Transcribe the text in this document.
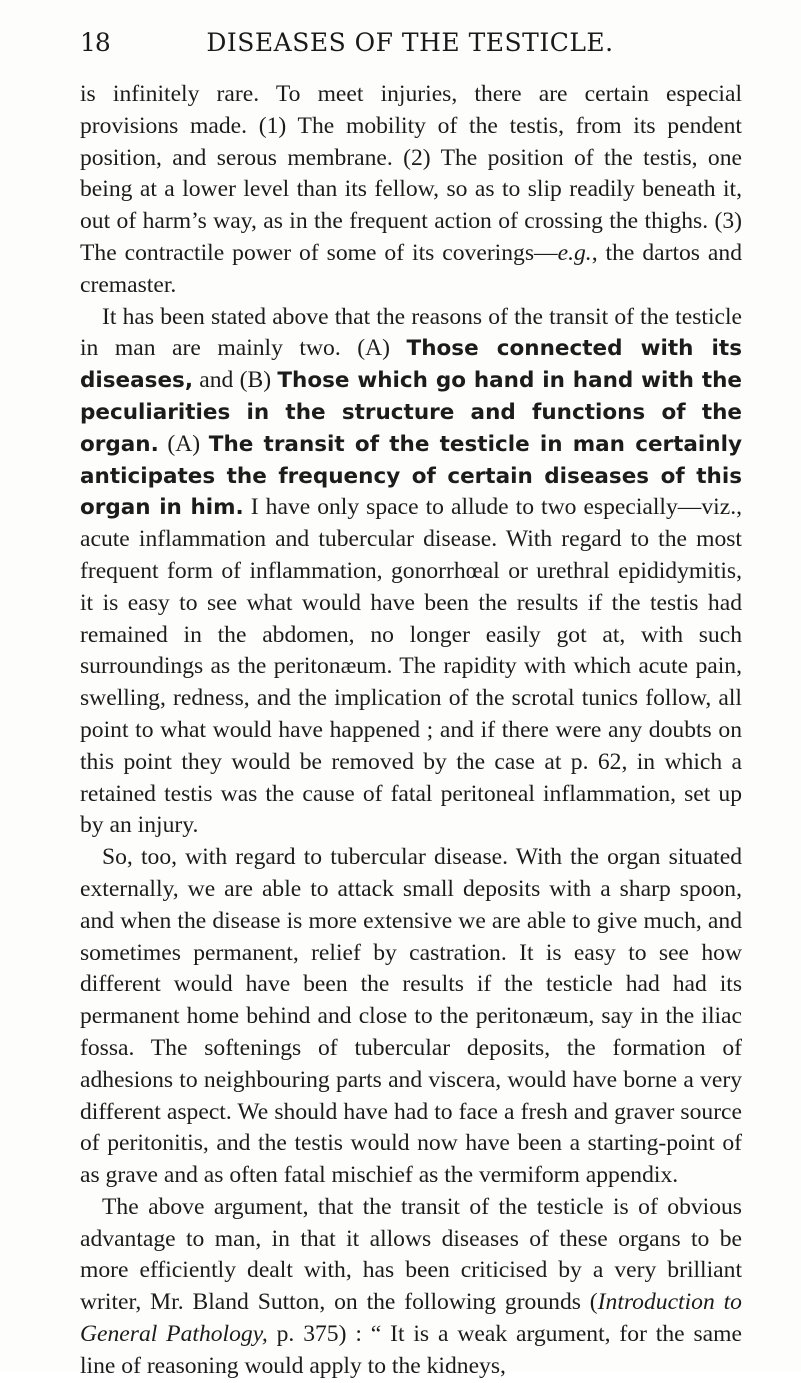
18	DISEASES OF THE TESTICLE.

is infinitely rare. To meet injuries, there are certain especial provisions made. (1) The mobility of the testis, from its pendent position, and serous membrane. (2) The position of the testis, one being at a lower level than its fellow, so as to slip readily beneath it, out of harm’s way, as in the frequent action of crossing the thighs. (3) The contractile power of some of its coverings—e.g., the dartos and cremaster.

It has been stated above that the reasons of the transit of the testicle in man are mainly two. (A) Those connected with its diseases, and (B) Those which go hand in hand with the peculiarities in the structure and functions of the organ. (A) The transit of the testicle in man certainly anticipates the frequency of certain diseases of this organ in him. I have only space to allude to two especially—viz., acute inflammation and tubercular disease. With regard to the most frequent form of inflammation, gonorrhœal or urethral epididymitis, it is easy to see what would have been the results if the testis had remained in the abdomen, no longer easily got at, with such surroundings as the peritonæum. The rapidity with which acute pain, swelling, redness, and the implication of the scrotal tunics follow, all point to what would have happened ; and if there were any doubts on this point they would be removed by the case at p. 62, in which a retained testis was the cause of fatal peritoneal inflammation, set up by an injury.

So, too, with regard to tubercular disease. With the organ situated externally, we are able to attack small deposits with a sharp spoon, and when the disease is more extensive we are able to give much, and sometimes permanent, relief by castration. It is easy to see how different would have been the results if the testicle had had its permanent home behind and close to the peritonæum, say in the iliac fossa. The softenings of tubercular deposits, the formation of adhesions to neighbouring parts and viscera, would have borne a very different aspect. We should have had to face a fresh and graver source of peritonitis, and the testis would now have been a starting-point of as grave and as often fatal mischief as the vermiform appendix.

The above argument, that the transit of the testicle is of obvious advantage to man, in that it allows diseases of these organs to be more efficiently dealt with, has been criticised by a very brilliant writer, Mr. Bland Sutton, on the following grounds (Introduction to General Pathology, p. 375) : “ It is a weak argument, for the same line of reasoning would apply to the kidneys,
